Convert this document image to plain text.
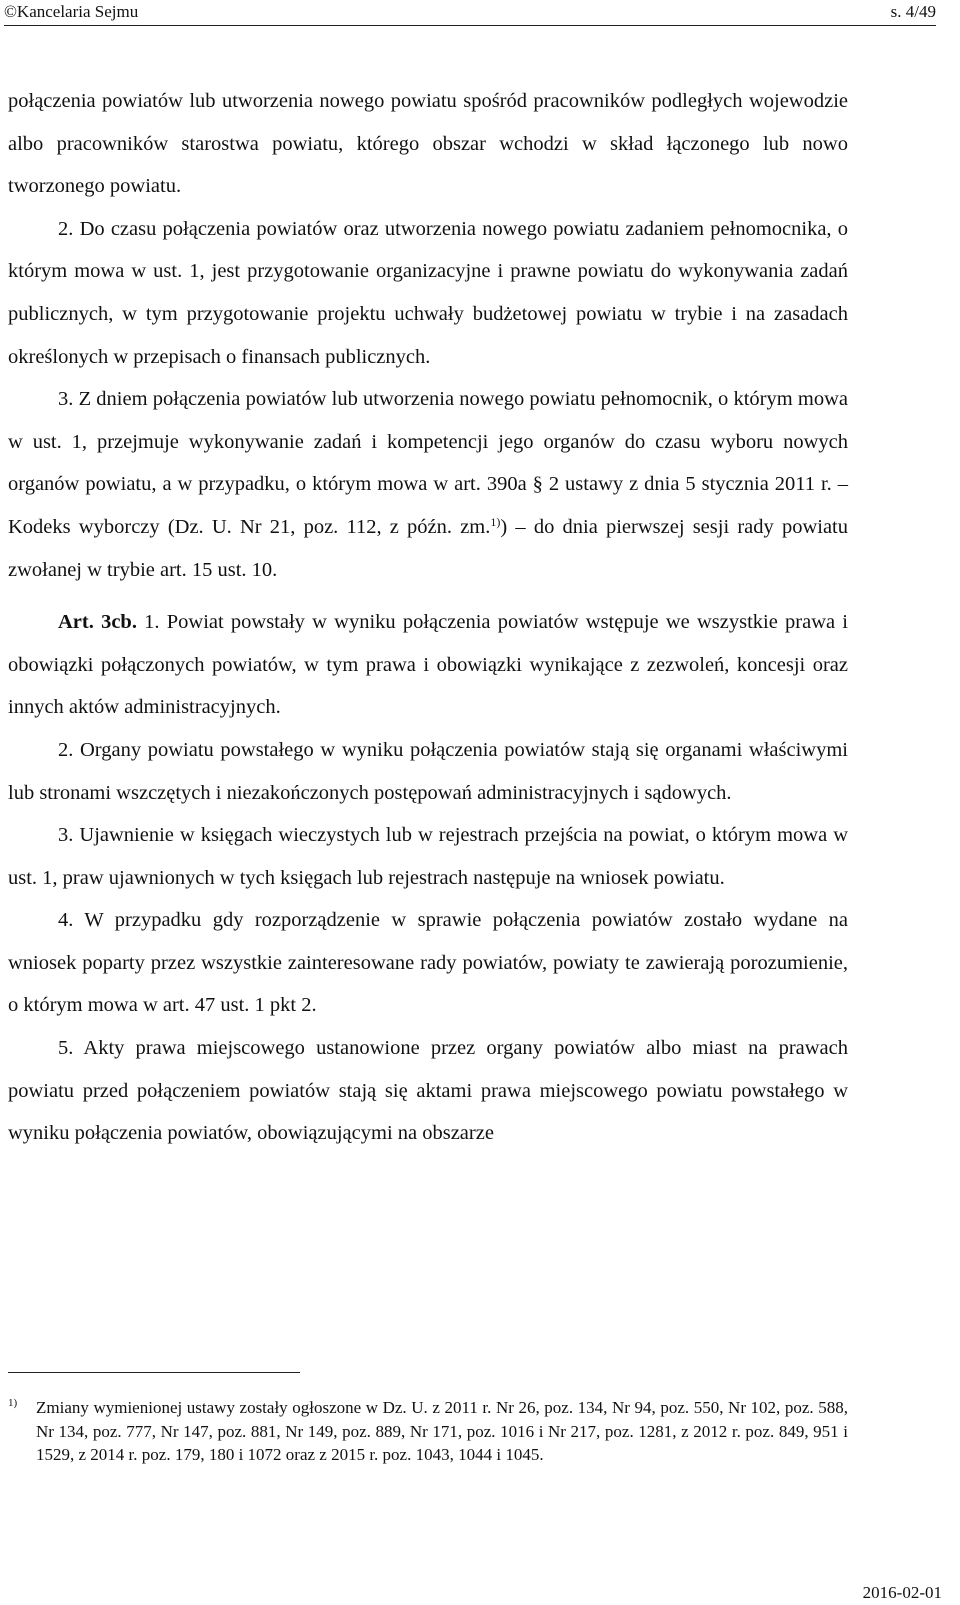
©Kancelaria Sejmu	s. 4/49

połączenia powiatów lub utworzenia nowego powiatu spośród pracowników podległych wojewodzie albo pracowników starostwa powiatu, którego obszar wchodzi w skład łączonego lub nowo tworzonego powiatu.

2. Do czasu połączenia powiatów oraz utworzenia nowego powiatu zadaniem pełnomocnika, o którym mowa w ust. 1, jest przygotowanie organizacyjne i prawne powiatu do wykonywania zadań publicznych, w tym przygotowanie projektu uchwały budżetowej powiatu w trybie i na zasadach określonych w przepisach o finansach publicznych.

3. Z dniem połączenia powiatów lub utworzenia nowego powiatu pełnomocnik, o którym mowa w ust. 1, przejmuje wykonywanie zadań i kompetencji jego organów do czasu wyboru nowych organów powiatu, a w przypadku, o którym mowa w art. 390a § 2 ustawy z dnia 5 stycznia 2011 r. – Kodeks wyborczy (Dz. U. Nr 21, poz. 112, z późn. zm.$^{1)}$) – do dnia pierwszej sesji rady powiatu zwołanej w trybie art. 15 ust. 10.

Art. 3cb. 1. Powiat powstały w wyniku połączenia powiatów wstępuje we wszystkie prawa i obowiązki połączonych powiatów, w tym prawa i obowiązki wynikające z zezwoleń, koncesji oraz innych aktów administracyjnych.

2. Organy powiatu powstałego w wyniku połączenia powiatów stają się organami właściwymi lub stronami wszczętych i niezakończonych postępowań administracyjnych i sądowych.

3. Ujawnienie w księgach wieczystych lub w rejestrach przejścia na powiat, o którym mowa w ust. 1, praw ujawnionych w tych księgach lub rejestrach następuje na wniosek powiatu.

4. W przypadku gdy rozporządzenie w sprawie połączenia powiatów zostało wydane na wniosek poparty przez wszystkie zainteresowane rady powiatów, powiaty te zawierają porozumienie, o którym mowa w art. 47 ust. 1 pkt 2.

5. Akty prawa miejscowego ustanowione przez organy powiatów albo miast na prawach powiatu przed połączeniem powiatów stają się aktami prawa miejscowego powiatu powstałego w wyniku połączenia powiatów, obowiązującymi na obszarze

1) Zmiany wymienionej ustawy zostały ogłoszone w Dz. U. z 2011 r. Nr 26, poz. 134, Nr 94, poz. 550, Nr 102, poz. 588, Nr 134, poz. 777, Nr 147, poz. 881, Nr 149, poz. 889, Nr 171, poz. 1016 i Nr 217, poz. 1281, z 2012 r. poz. 849, 951 i 1529, z 2014 r. poz. 179, 180 i 1072 oraz z 2015 r. poz. 1043, 1044 i 1045.
2016-02-01
